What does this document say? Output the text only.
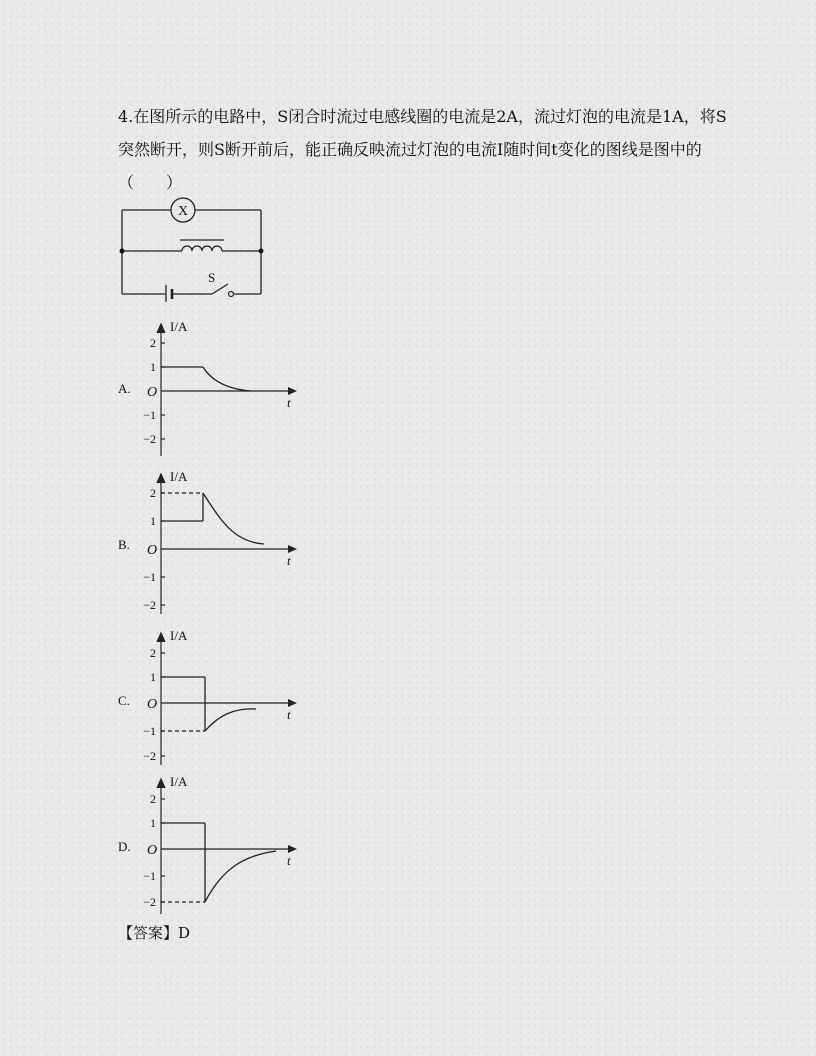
4.在图所示的电路中，S闭合时流过电感线圈的电流是2A，流过灯泡的电流是1A，将S
突然断开，则S断开前后，能正确反映流过灯泡的电流I随时间t变化的图线是图中的
（　　）
X
S
A.
B.
C.
D.
I/A
t
O
2
1
−1
−2
I/A
t
O
2
1
−1
−2
I/A
t
O
2
1
−1
−2
I/A
t
O
2
1
−1
−2
【答案】D
